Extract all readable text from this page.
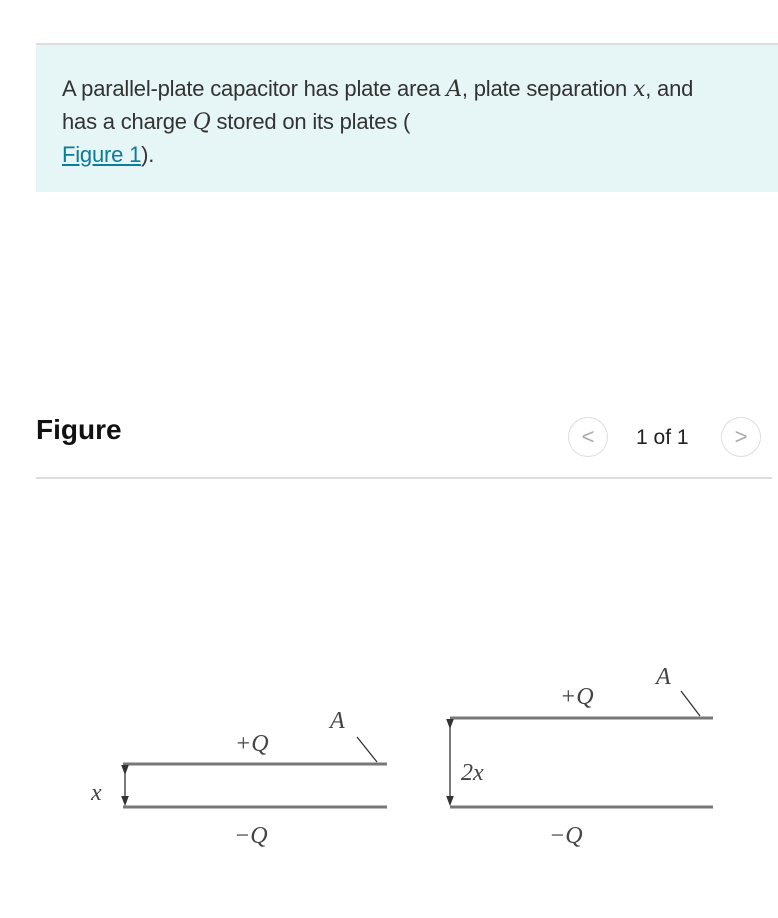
A parallel-plate capacitor has plate area A, plate separation x, and has a charge Q stored on its plates (
Figure 1).

Figure	< 1 of 1 >
+Q
A
x
−Q
+Q
A
2x
−Q
